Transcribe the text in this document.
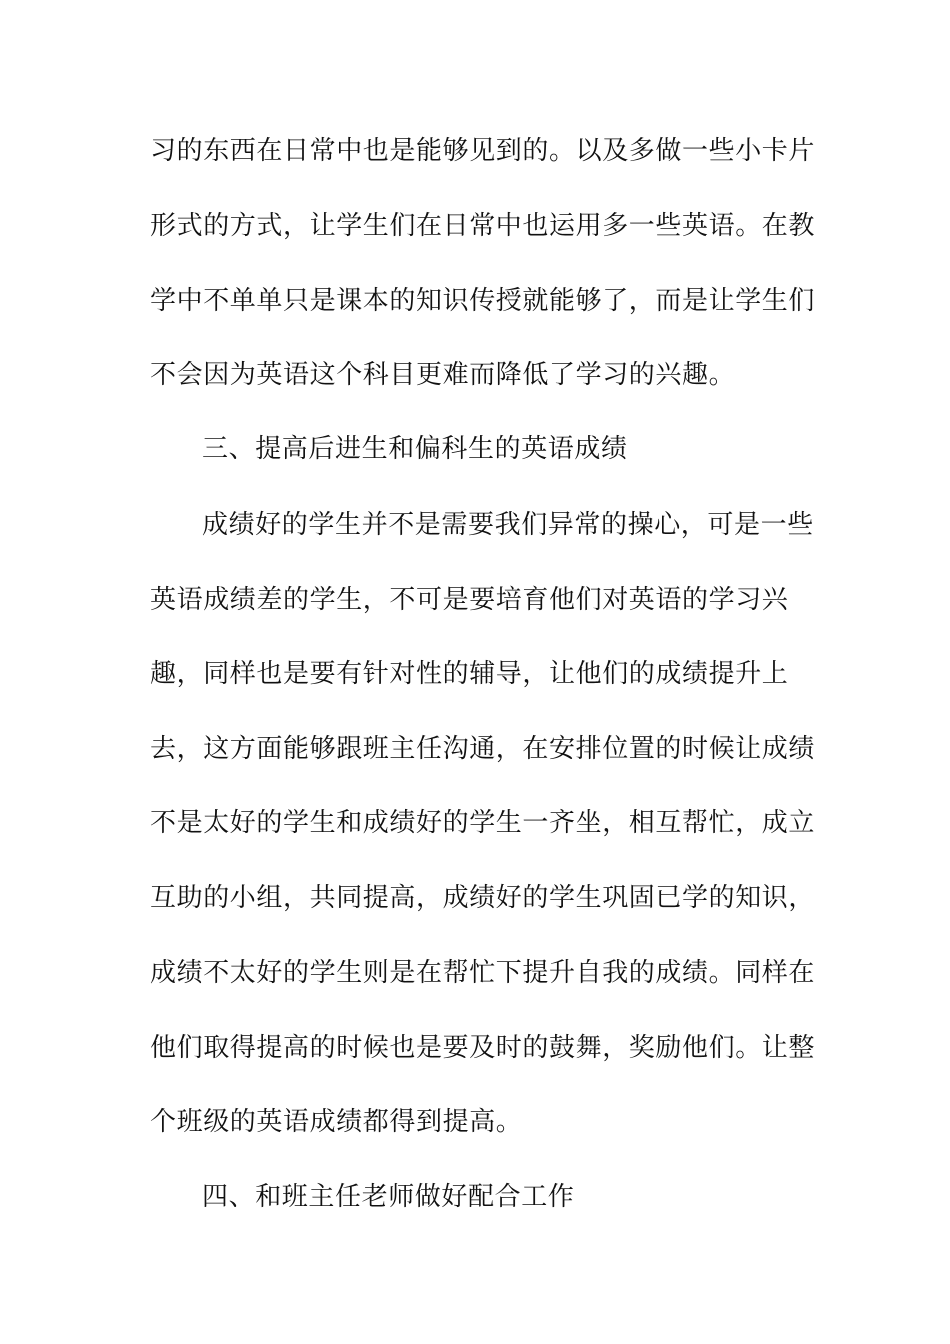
习的东西在日常中也是能够见到的。以及多做一些小卡片
形式的方式，让学生们在日常中也运用多一些英语。在教
学中不单单只是课本的知识传授就能够了，而是让学生们
不会因为英语这个科目更难而降低了学习的兴趣。
三、提高后进生和偏科生的英语成绩
成绩好的学生并不是需要我们异常的操心，可是一些
英语成绩差的学生，不可是要培育他们对英语的学习兴
趣，同样也是要有针对性的辅导，让他们的成绩提升上
去，这方面能够跟班主任沟通，在安排位置的时候让成绩
不是太好的学生和成绩好的学生一齐坐，相互帮忙，成立
互助的小组，共同提高，成绩好的学生巩固已学的知识，
成绩不太好的学生则是在帮忙下提升自我的成绩。同样在
他们取得提高的时候也是要及时的鼓舞，奖励他们。让整
个班级的英语成绩都得到提高。
四、和班主任老师做好配合工作
